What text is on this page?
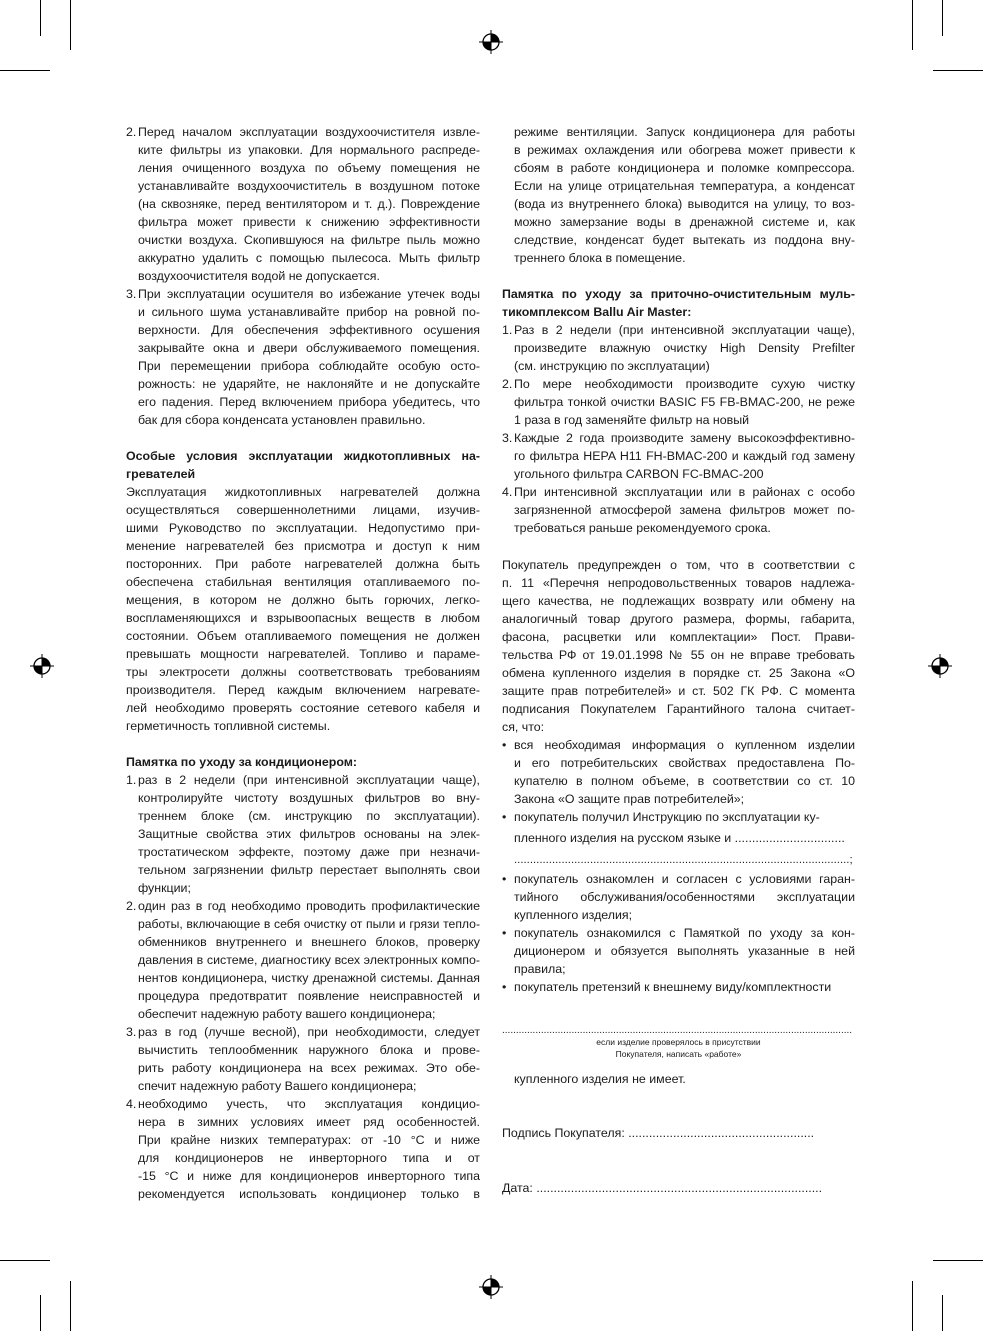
2. Перед началом эксплуатации воздухоочистителя извле-
ките фильтры из упаковки. Для нормального распреде-
ления очищенного воздуха по объему помещения не
устанавливайте воздухоочиститель в воздушном потоке
(на сквозняке, перед вентилятором и т. д.). Повреждение
фильтра может привести к снижению эффективности
очистки воздуха. Скопившуюся на фильтре пыль можно
аккуратно удалить с помощью пылесоса. Мыть фильтр
воздухоочистителя водой не допускается.
3. При эксплуатации осушителя во избежание утечек воды
и сильного шума устанавливайте прибор на ровной по-
верхности. Для обеспечения эффективного осушения
закрывайте окна и двери обслуживаемого помещения.
При перемещении прибора соблюдайте особую осто-
рожность: не ударяйте, не наклоняйте и не допускайте
его падения. Перед включением прибора убедитесь, что
бак для сбора конденсата установлен правильно.
Особые условия эксплуатации жидкотопливных на-
гревателей
Эксплуатация жидкотопливных нагревателей должна
осуществляться совершеннолетними лицами, изучив-
шими Руководство по эксплуатации. Недопустимо при-
менение нагревателей без присмотра и доступ к ним
посторонних. При работе нагревателей должна быть
обеспечена стабильная вентиляция отапливаемого по-
мещения, в котором не должно быть горючих, легко-
воспламеняющихся и взрывоопасных веществ в любом
состоянии. Объем отапливаемого помещения не должен
превышать мощности нагревателей. Топливо и параме-
тры электросети должны соответствовать требованиям
производителя. Перед каждым включением нагревате-
лей необходимо проверять состояние сетевого кабеля и
герметичность топливной системы.
Памятка по уходу за кондиционером:
1. раз в 2 недели (при интенсивной эксплуатации чаще),
контролируйте чистоту воздушных фильтров во вну-
треннем блоке (см. инструкцию по эксплуатации).
Защитные свойства этих фильтров основаны на элек-
тростатическом эффекте, поэтому даже при незначи-
тельном загрязнении фильтр перестает выполнять свои
функции;
2. один раз в год необходимо проводить профилактические
работы, включающие в себя очистку от пыли и грязи тепло-
обменников внутреннего и внешнего блоков, проверку
давления в системе, диагностику всех электронных компо-
нентов кондиционера, чистку дренажной системы. Данная
процедура предотвратит появление неисправностей и
обеспечит надежную работу вашего кондиционера;
3. раз в год (лучше весной), при необходимости, следует
вычистить теплообменник наружного блока и прове-
рить работу кондиционера на всех режимах. Это обе-
спечит надежную работу Вашего кондиционера;
4. необходимо учесть, что эксплуатация кондицио-
нера в зимних условиях имеет ряд особенностей.
При крайне низких температурах: от -10 °С и ниже
для кондиционеров не инверторного типа и от
-15 °С и ниже для кондиционеров инверторного типа
рекомендуется использовать кондиционер только в
режиме вентиляции. Запуск кондиционера для работы
в режимах охлаждения или обогрева может привести к
сбоям в работе кондиционера и поломке компрессора.
Если на улице отрицательная температура, а конденсат
(вода из внутреннего блока) выводится на улицу, то воз-
можно замерзание воды в дренажной системе и, как
следствие, конденсат будет вытекать из поддона вну-
треннего блока в помещение.
Памятка по уходу за приточно-очистительным муль-
тикомплексом Ballu Air Master:
1. Раз в 2 недели (при интенсивной эксплуатации чаще),
произведите влажную очистку High Density Prefilter
(см. инструкцию по эксплуатации)
2. По мере необходимости производите сухую чистку
фильтра тонкой очистки BASIC F5 FB-BMAC-200, не реже
1 раза в год заменяйте фильтр на новый
3. Каждые 2 года производите замену высокоэффективно-
го фильтра HEPA H11 FH-BMAC-200 и каждый год замену
угольного фильтра CARBON FC-BMAC-200
4. При интенсивной эксплуатации или в районах с особо
загрязненной атмосферой замена фильтров может по-
требоваться раньше рекомендуемого срока.
Покупатель предупрежден о том, что в соответствии с
п. 11 «Перечня непродовольственных товаров надлежа-
щего качества, не подлежащих возврату или обмену на
аналогичный товар другого размера, формы, габарита,
фасона, расцветки или комплектации» Пост. Прави-
тельства РФ от 19.01.1998 № 55 он не вправе требовать
обмена купленного изделия в порядке ст. 25 Закона «О
защите прав потребителей» и ст. 502 ГК РФ. С момента
подписания Покупателем Гарантийного талона считает-
ся, что:
• вся необходимая информация о купленном изделии
и его потребительских свойствах предоставлена По-
купателю в полном объеме, в соответствии со ст. 10
Закона «О защите прав потребителей»;
• покупатель получил Инструкцию по эксплуатации ку-
пленного изделия на русском языке и ................................
..........................................................................................................;
• покупатель ознакомлен и согласен с условиями гаран-
тийного обслуживания/особенностями эксплуатации
купленного изделия;
• покупатель ознакомился с Памяткой по уходу за кон-
диционером и обязуется выполнять указанные в ней
правила;
• покупатель претензий к внешнему виду/комплектности
..............................................................................................................................
если изделие проверялось в присутствии
Покупателя, написать «работе»
купленного изделия не имеет.
Подпись Покупателя: ......................................................
Дата: ...................................................................................
